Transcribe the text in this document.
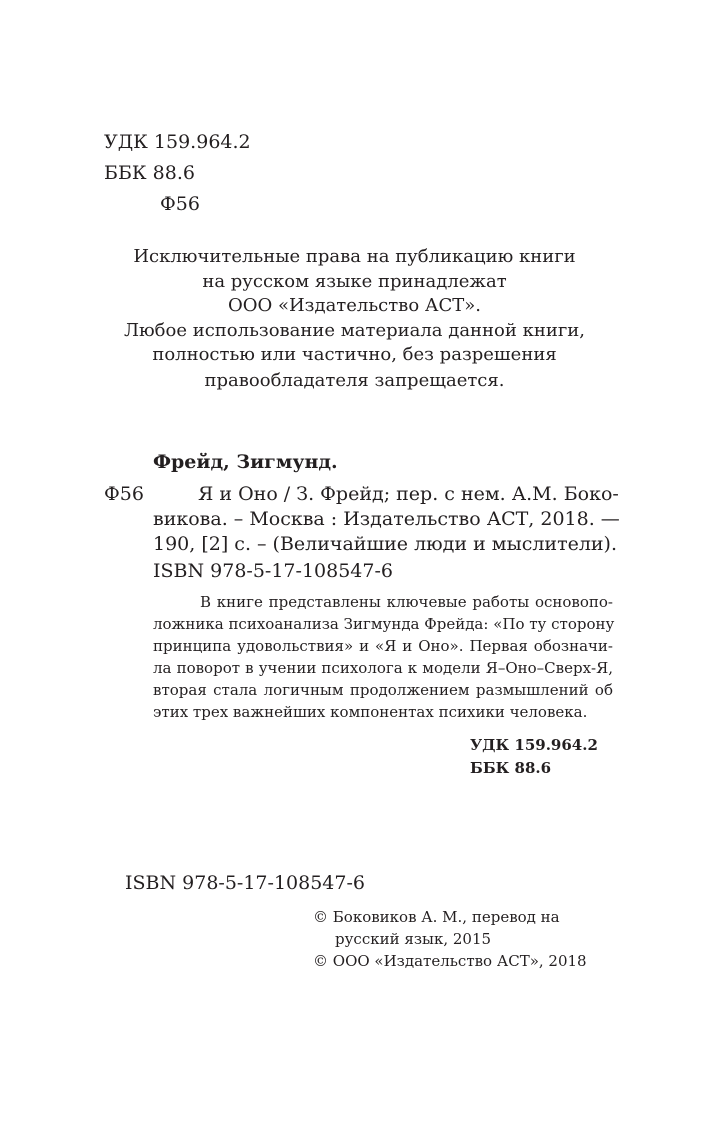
УДК 159.964.2
ББК 88.6
Ф56
Исключительные права на публикацию книги
на русском языке принадлежат
ООО «Издательство АСТ».
Любое использование материала данной книги,
полностью или частично, без разрешения
правообладателя запрещается.
Фрейд, Зигмунд.
Ф56	Я и Оно / З. Фрейд; пер. с нем. А.М. Боко-
викова. – Москва : Издательство АСТ, 2018. —
190, [2] с. – (Величайшие люди и мыслители).
ISBN 978-5-17-108547-6
В книге представлены ключевые работы основопо-
ложника психоанализа Зигмунда Фрейда: «По ту сторону
принципа удовольствия» и «Я и Оно». Первая обозначи-
ла поворот в учении психолога к модели Я–Оно–Сверх-Я,
вторая стала логичным продолжением размышлений об
этих трех важнейших компонентах психики человека.
УДК 159.964.2
ББК 88.6
ISBN 978-5-17-108547-6
© Боковиков А. М., перевод на
русский язык, 2015
© ООО «Издательство АСТ», 2018
